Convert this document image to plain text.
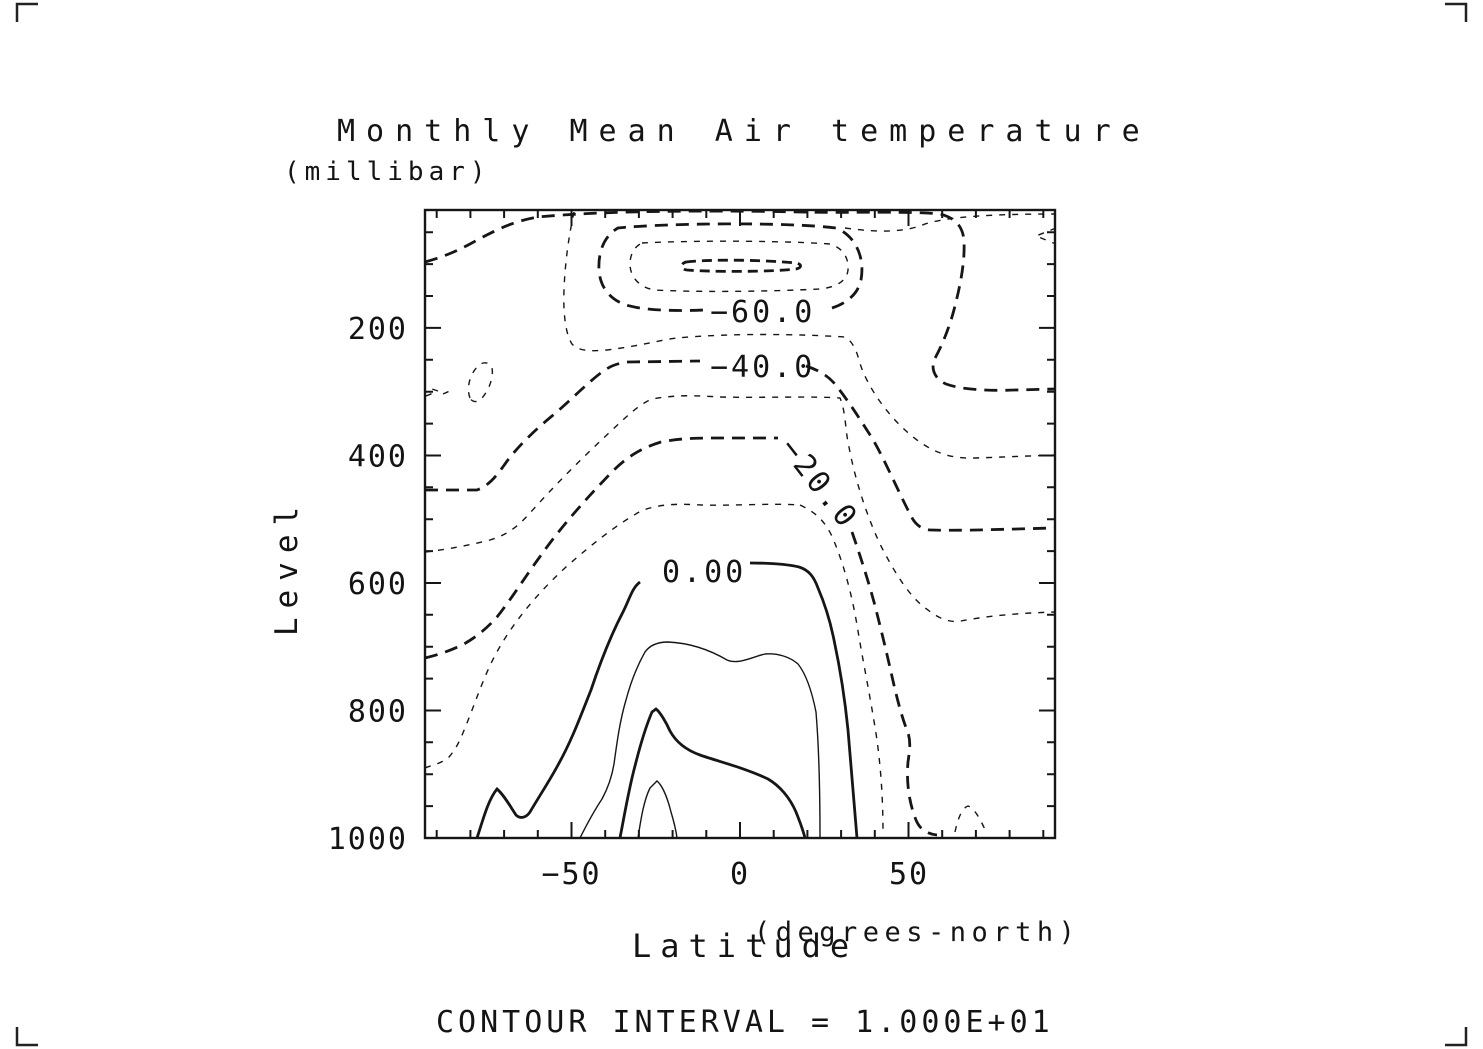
Monthly Mean Air temperature
(millibar)
Level
200
400
600
800
1000
−50	0	50
(degrees-north)
Latitude
CONTOUR INTERVAL = 1.000E+01
−60.0
−40.0
−20.0
0.00
